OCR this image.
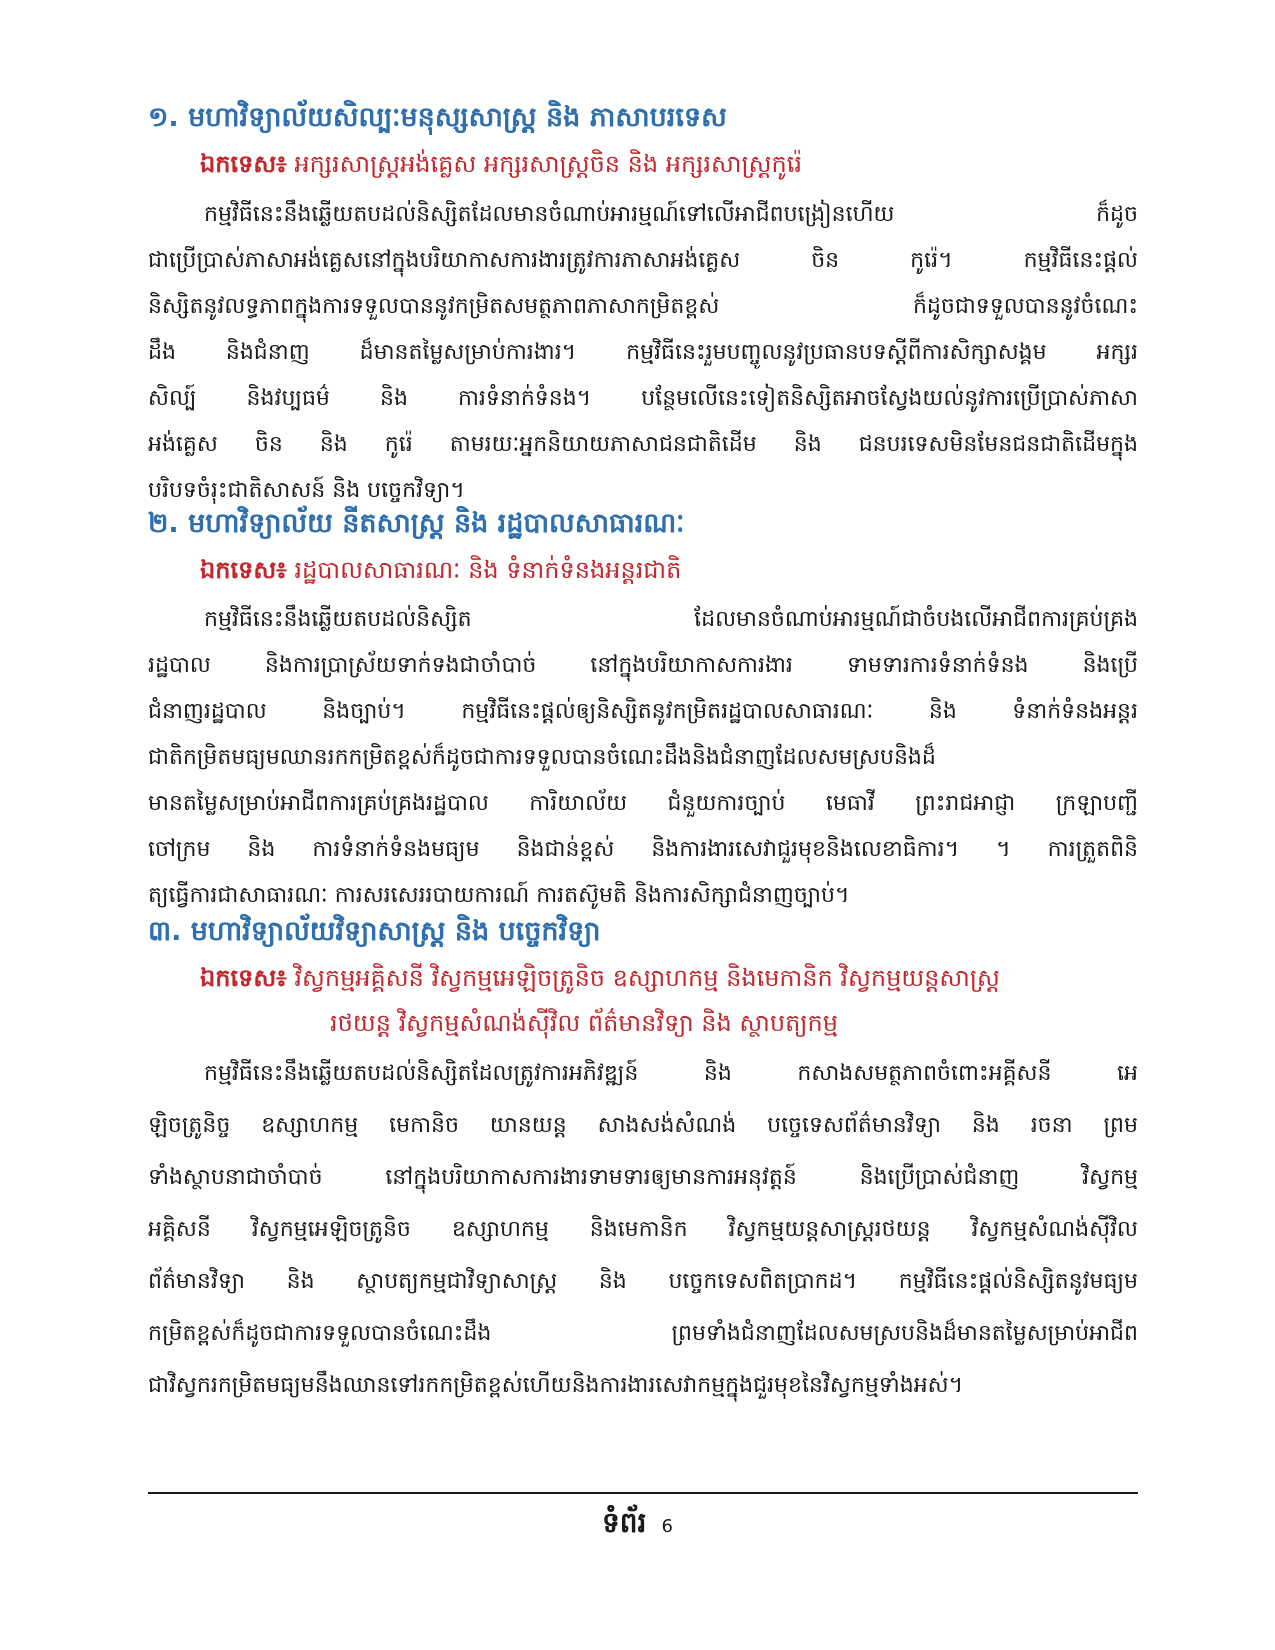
១. មហាវិទ្យាល័យសិល្បៈមនុស្សសាស្រ្ត និង ភាសាបរទេស
ឯកទេស៖ អក្សរសាស្រ្តអង់គ្លេស អក្សរសាស្រ្តចិន និង អក្សរសាស្រ្តកូរ៉េ
កម្មវិធីនេះនឹងឆ្លើយតបដល់និស្សិតដែលមានចំណាប់អារម្មណ៍ទៅលើអាជីពបង្រៀនហើយ ក៏ដូច
ជាប្រើប្រាស់ភាសាអង់គ្លេសនៅក្នុងបរិយាកាសការងារត្រូវការភាសាអង់គ្លេស ចិន កូរ៉េ។ កម្មវិធីនេះផ្តល់
និស្សិតនូវលទ្ធភាពក្នុងការទទួលបាននូវកម្រិតសមត្ថភាពភាសាកម្រិតខ្ពស់ ក៏ដូចជាទទួលបាននូវចំណេះ
ដឹង និងជំនាញ ដ៏មានតម្លៃសម្រាប់ការងារ។ កម្មវិធីនេះរួមបញ្ចូលនូវប្រធានបទស្តីពីការសិក្សាសង្គម អក្សរ
សិល្ប៍ និងវប្បធម៌ និង ការទំនាក់ទំនង។ បន្ថែមលើនេះទៀតនិស្សិតអាចស្វែងយល់នូវការប្រើប្រាស់ភាសា
អង់គ្លេស ចិន និង កូរ៉េ តាមរយៈអ្នកនិយាយភាសាជនជាតិដើម និង ជនបរទេសមិនមែនជនជាតិដើមក្នុង
បរិបទចំរុះជាតិសាសន៍ និង បច្ចេកវិទ្យា។
២. មហាវិទ្យាល័យ នីតសាស្រ្ត និង រដ្ឋបាលសាធារណៈ
ឯកទេស៖ រដ្ឋបាលសាធារណៈ និង ទំនាក់ទំនងអន្តរជាតិ
កម្មវិធីនេះនឹងឆ្លើយតបដល់និស្សិត ដែលមានចំណាប់អារម្មណ៍ជាចំបងលើអាជីពការគ្រប់គ្រង
រដ្ឋបាល និងការប្រាស្រ័យទាក់ទងជាចាំបាច់ នៅក្នុងបរិយាកាសការងារ ទាមទារការទំនាក់ទំនង និងប្រើ
ជំនាញរដ្ឋបាល និងច្បាប់។ កម្មវិធីនេះផ្តល់ឲ្យនិស្សិតនូវកម្រិតរដ្ឋបាលសាធារណៈ និង ទំនាក់ទំនងអន្តរ
ជាតិកម្រិតមធ្យមឈានរកកម្រិតខ្ពស់ក៏ដូចជាការទទួលបានចំណេះដឹងនិងជំនាញដែលសមស្របនិងដ៏
មានតម្លៃសម្រាប់អាជីពការគ្រប់គ្រងរដ្ឋបាល ការិយាល័យ ជំនួយការច្បាប់ មេធាវី ព្រះរាជអាជ្ញា ក្រឡាបញ្ជី
ចៅក្រម និង ការទំនាក់ទំនងមធ្យម និងជាន់ខ្ពស់ និងការងារសេវាជួរមុខនិងលេខាធិការ។ ។ ការត្រួតពិនិ
ត្យធ្វើការជាសាធារណៈ ការសរសេររបាយការណ៍ ការតស៊ូមតិ និងការសិក្សាជំនាញច្បាប់។
៣. មហាវិទ្យាល័យវិទ្យាសាស្រ្ត និង បច្ចេកវិទ្យា
ឯកទេស៖ វិស្វកម្មអគ្គិសនី វិស្វកម្មអេឡិចត្រូនិច ឧស្សាហកម្ម និងមេកានិក វិស្វកម្មយន្តសាស្រ្ត
រថយន្ត វិស្វកម្មសំណង់ស៊ីវិល ព័ត៌មានវិទ្យា និង ស្ថាបត្យកម្ម
កម្មវិធីនេះនឹងឆ្លើយតបដល់និស្សិតដែលត្រូវការអភិវឌ្ឍន៍ និង កសាងសមត្ថភាពចំពោះអគ្គីសនី អេ
ឡិចត្រូនិច្ច ឧស្សាហកម្ម មេកានិច យានយន្ត សាងសង់សំណង់ បច្ចេទេសព័ត៌មានវិទ្យា និង រចនា ព្រម
ទាំងស្ថាបនាជាចាំបាច់ នៅក្នុងបរិយាកាសការងារទាមទារឲ្យមានការអនុវត្តន៍ និងប្រើប្រាស់ជំនាញ វិស្វកម្ម
អគ្គិសនី វិស្វកម្មអេឡិចត្រូនិច ឧស្សាហកម្ម និងមេកានិក វិស្វកម្មយន្តសាស្រ្តរថយន្ត វិស្វកម្មសំណង់ស៊ីវិល
ព័ត៌មានវិទ្យា និង ស្ថាបត្យកម្មជាវិទ្យាសាស្រ្ត និង បច្ចេកទេសពិតប្រាកដ។ កម្មវិធីនេះផ្តល់និស្សិតនូវមធ្យម
កម្រិតខ្ពស់ក៏ដូចជាការទទួលបានចំណេះដឹង ព្រមទាំងជំនាញដែលសមស្របនិងដ៏មានតម្លៃសម្រាប់អាជីព
ជាវិស្វករកម្រិតមធ្យមនឹងឈានទៅរកកម្រិតខ្ពស់ហើយនិងការងារសេវាកម្មក្នុងជួរមុខនៃវិស្វកម្មទាំងអស់។
ទំព័រ 6
